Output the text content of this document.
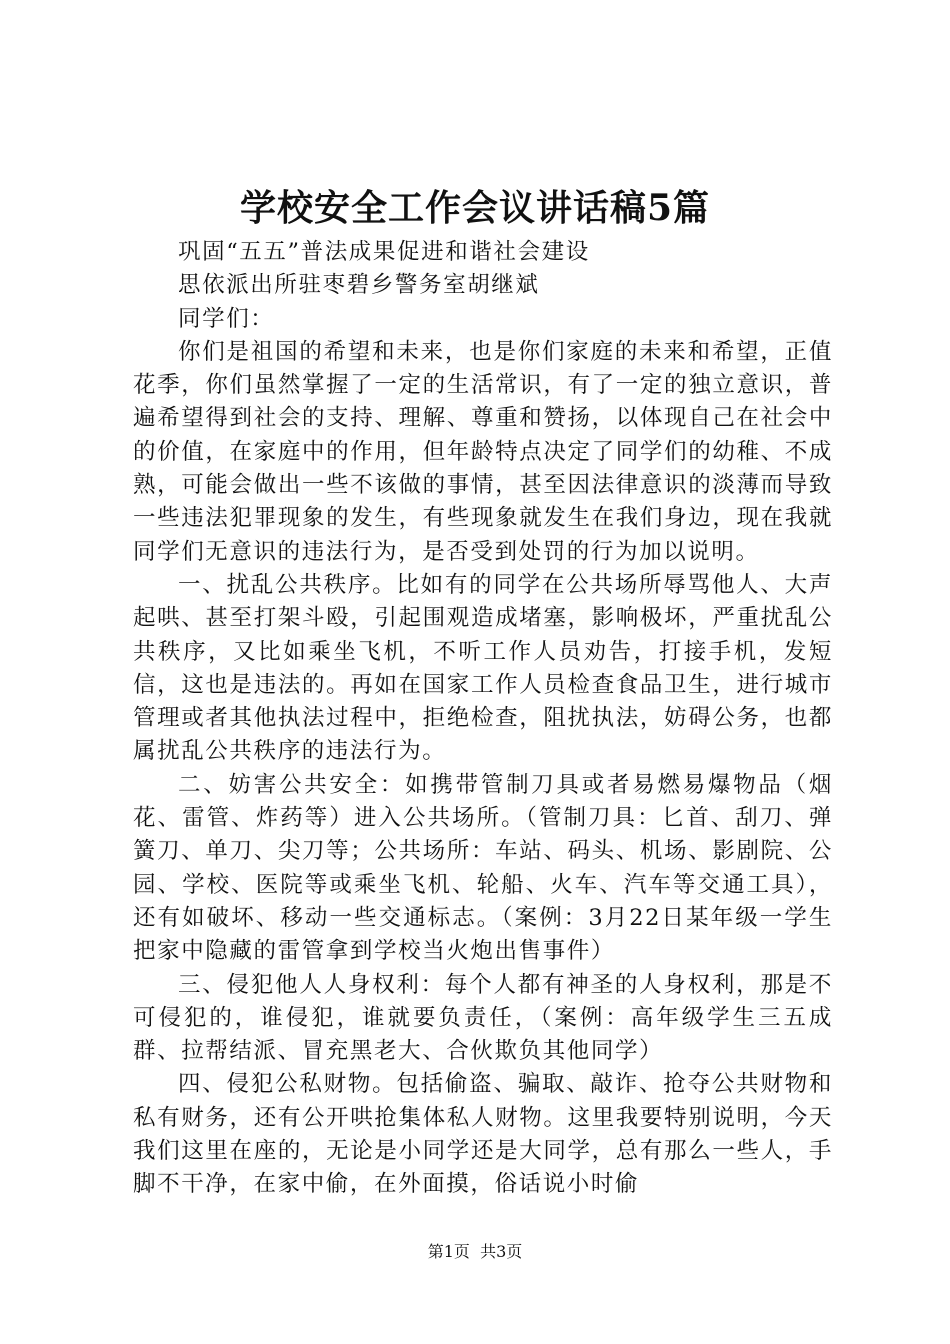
学校安全工作会议讲话稿5篇

巩固“五五”普法成果促进和谐社会建设

思依派出所驻枣碧乡警务室胡继斌

同学们：

你们是祖国的希望和未来，也是你们家庭的未来和希望，正值花季，你们虽然掌握了一定的生活常识，有了一定的独立意识，普遍希望得到社会的支持、理解、尊重和赞扬，以体现自己在社会中的价值，在家庭中的作用，但年龄特点决定了同学们的幼稚、不成熟，可能会做出一些不该做的事情，甚至因法律意识的淡薄而导致一些违法犯罪现象的发生，有些现象就发生在我们身边，现在我就同学们无意识的违法行为，是否受到处罚的行为加以说明。

一、扰乱公共秩序。比如有的同学在公共场所辱骂他人、大声起哄、甚至打架斗殴，引起围观造成堵塞，影响极坏，严重扰乱公共秩序，又比如乘坐飞机，不听工作人员劝告，打接手机，发短信，这也是违法的。再如在国家工作人员检查食品卫生，进行城市管理或者其他执法过程中，拒绝检查，阻扰执法，妨碍公务，也都属扰乱公共秩序的违法行为。

二、妨害公共安全：如携带管制刀具或者易燃易爆物品（烟花、雷管、炸药等）进入公共场所。（管制刀具：匕首、刮刀、弹簧刀、单刀、尖刀等；公共场所：车站、码头、机场、影剧院、公园、学校、医院等或乘坐飞机、轮船、火车、汽车等交通工具），还有如破坏、移动一些交通标志。（案例：3月22日某年级一学生把家中隐藏的雷管拿到学校当火炮出售事件）

三、侵犯他人人身权利：每个人都有神圣的人身权利，那是不可侵犯的，谁侵犯，谁就要负责任，（案例：高年级学生三五成群、拉帮结派、冒充黑老大、合伙欺负其他同学）

四、侵犯公私财物。包括偷盗、骗取、敲诈、抢夺公共财物和私有财务，还有公开哄抢集体私人财物。这里我要特别说明，今天我们这里在座的，无论是小同学还是大同学，总有那么一些人，手脚不干净，在家中偷，在外面摸，俗话说小时偷

第1页 共3页
